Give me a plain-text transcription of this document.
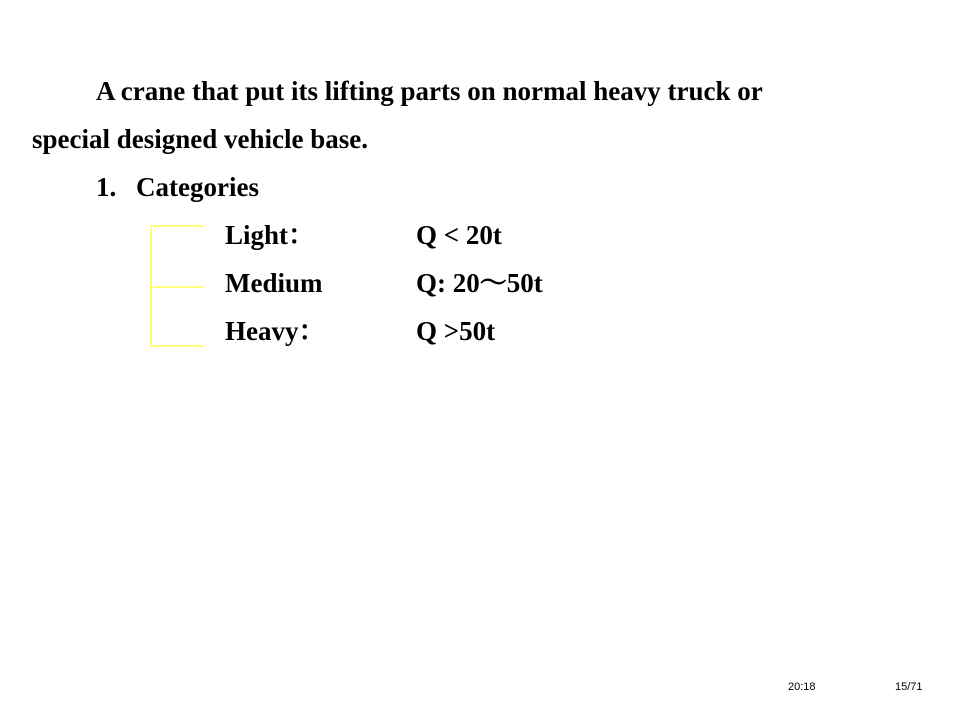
A crane that put its lifting parts on normal heavy truck or
special designed vehicle base.
1. Categories
Light：	Q < 20t
Medium	Q: 20～50t
Heavy：	Q >50t
20:18	15/71
